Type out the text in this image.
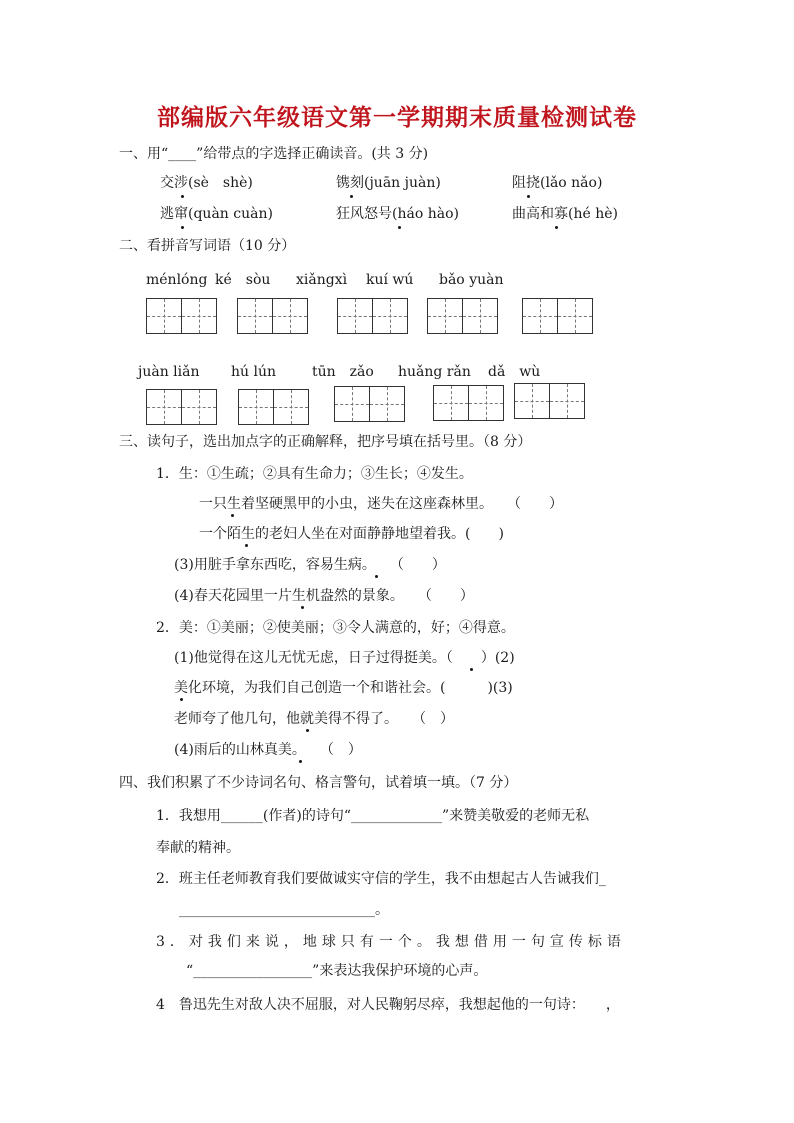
部编版六年级语文第一学期期末质量检测试卷
一、用“____”给带点的字选择正确读音。(共 3 分)
交涉(sè　shè)	镌刻(juān juàn)	阻挠(lǎo nǎo)
逃窜(quàn cuàn)	狂风怒号(háo hào)	曲高和寡(hé hè)
二、看拼音写词语（10 分）
ménlóng ké　sòu xiǎngxì kuí wú bǎo yuàn
juàn liǎn hú lún	tūn　zǎo huǎng rǎn dǎ　wù
三、读句子，选出加点字的正确解释，把序号填在括号里。（8 分）
1．生：①生疏；②具有生命力；③生长；④发生。
一只生着坚硬黑甲的小虫，迷失在这座森林里。　　（　　）
一个陌生的老妇人坐在对面静静地望着我。(　　)
(3)用脏手拿东西吃，容易生病。　　（　　）
(4)春天花园里一片生机盎然的景象。　　（　　）
2．美：①美丽；②使美丽；③令人满意的，好；④得意。
(1)他觉得在这儿无忧无虑，日子过得挺美。（　　）(2)
美化环境，为我们自己创造一个和谐社会。(　　　)(3)
老师夸了他几句，他就美得不得了。　　（　）
(4)雨后的山林真美。　　（　）
四、我们积累了不少诗词名句、格言警句，试着填一填。（7 分）
1．我想用______(作者)的诗句“_____________”来赞美敬爱的老师无私
奉献的精神。
2．班主任老师教育我们要做诚实守信的学生，我不由想起古人告诫我们_
____________________________。
3．对我们来说，地球只有一个。我想借用一句宣传标语
“_________________”来表达我保护环境的心声。
4　鲁迅先生对敌人决不屈服，对人民鞠躬尽瘁，我想起他的一句诗：　　，
